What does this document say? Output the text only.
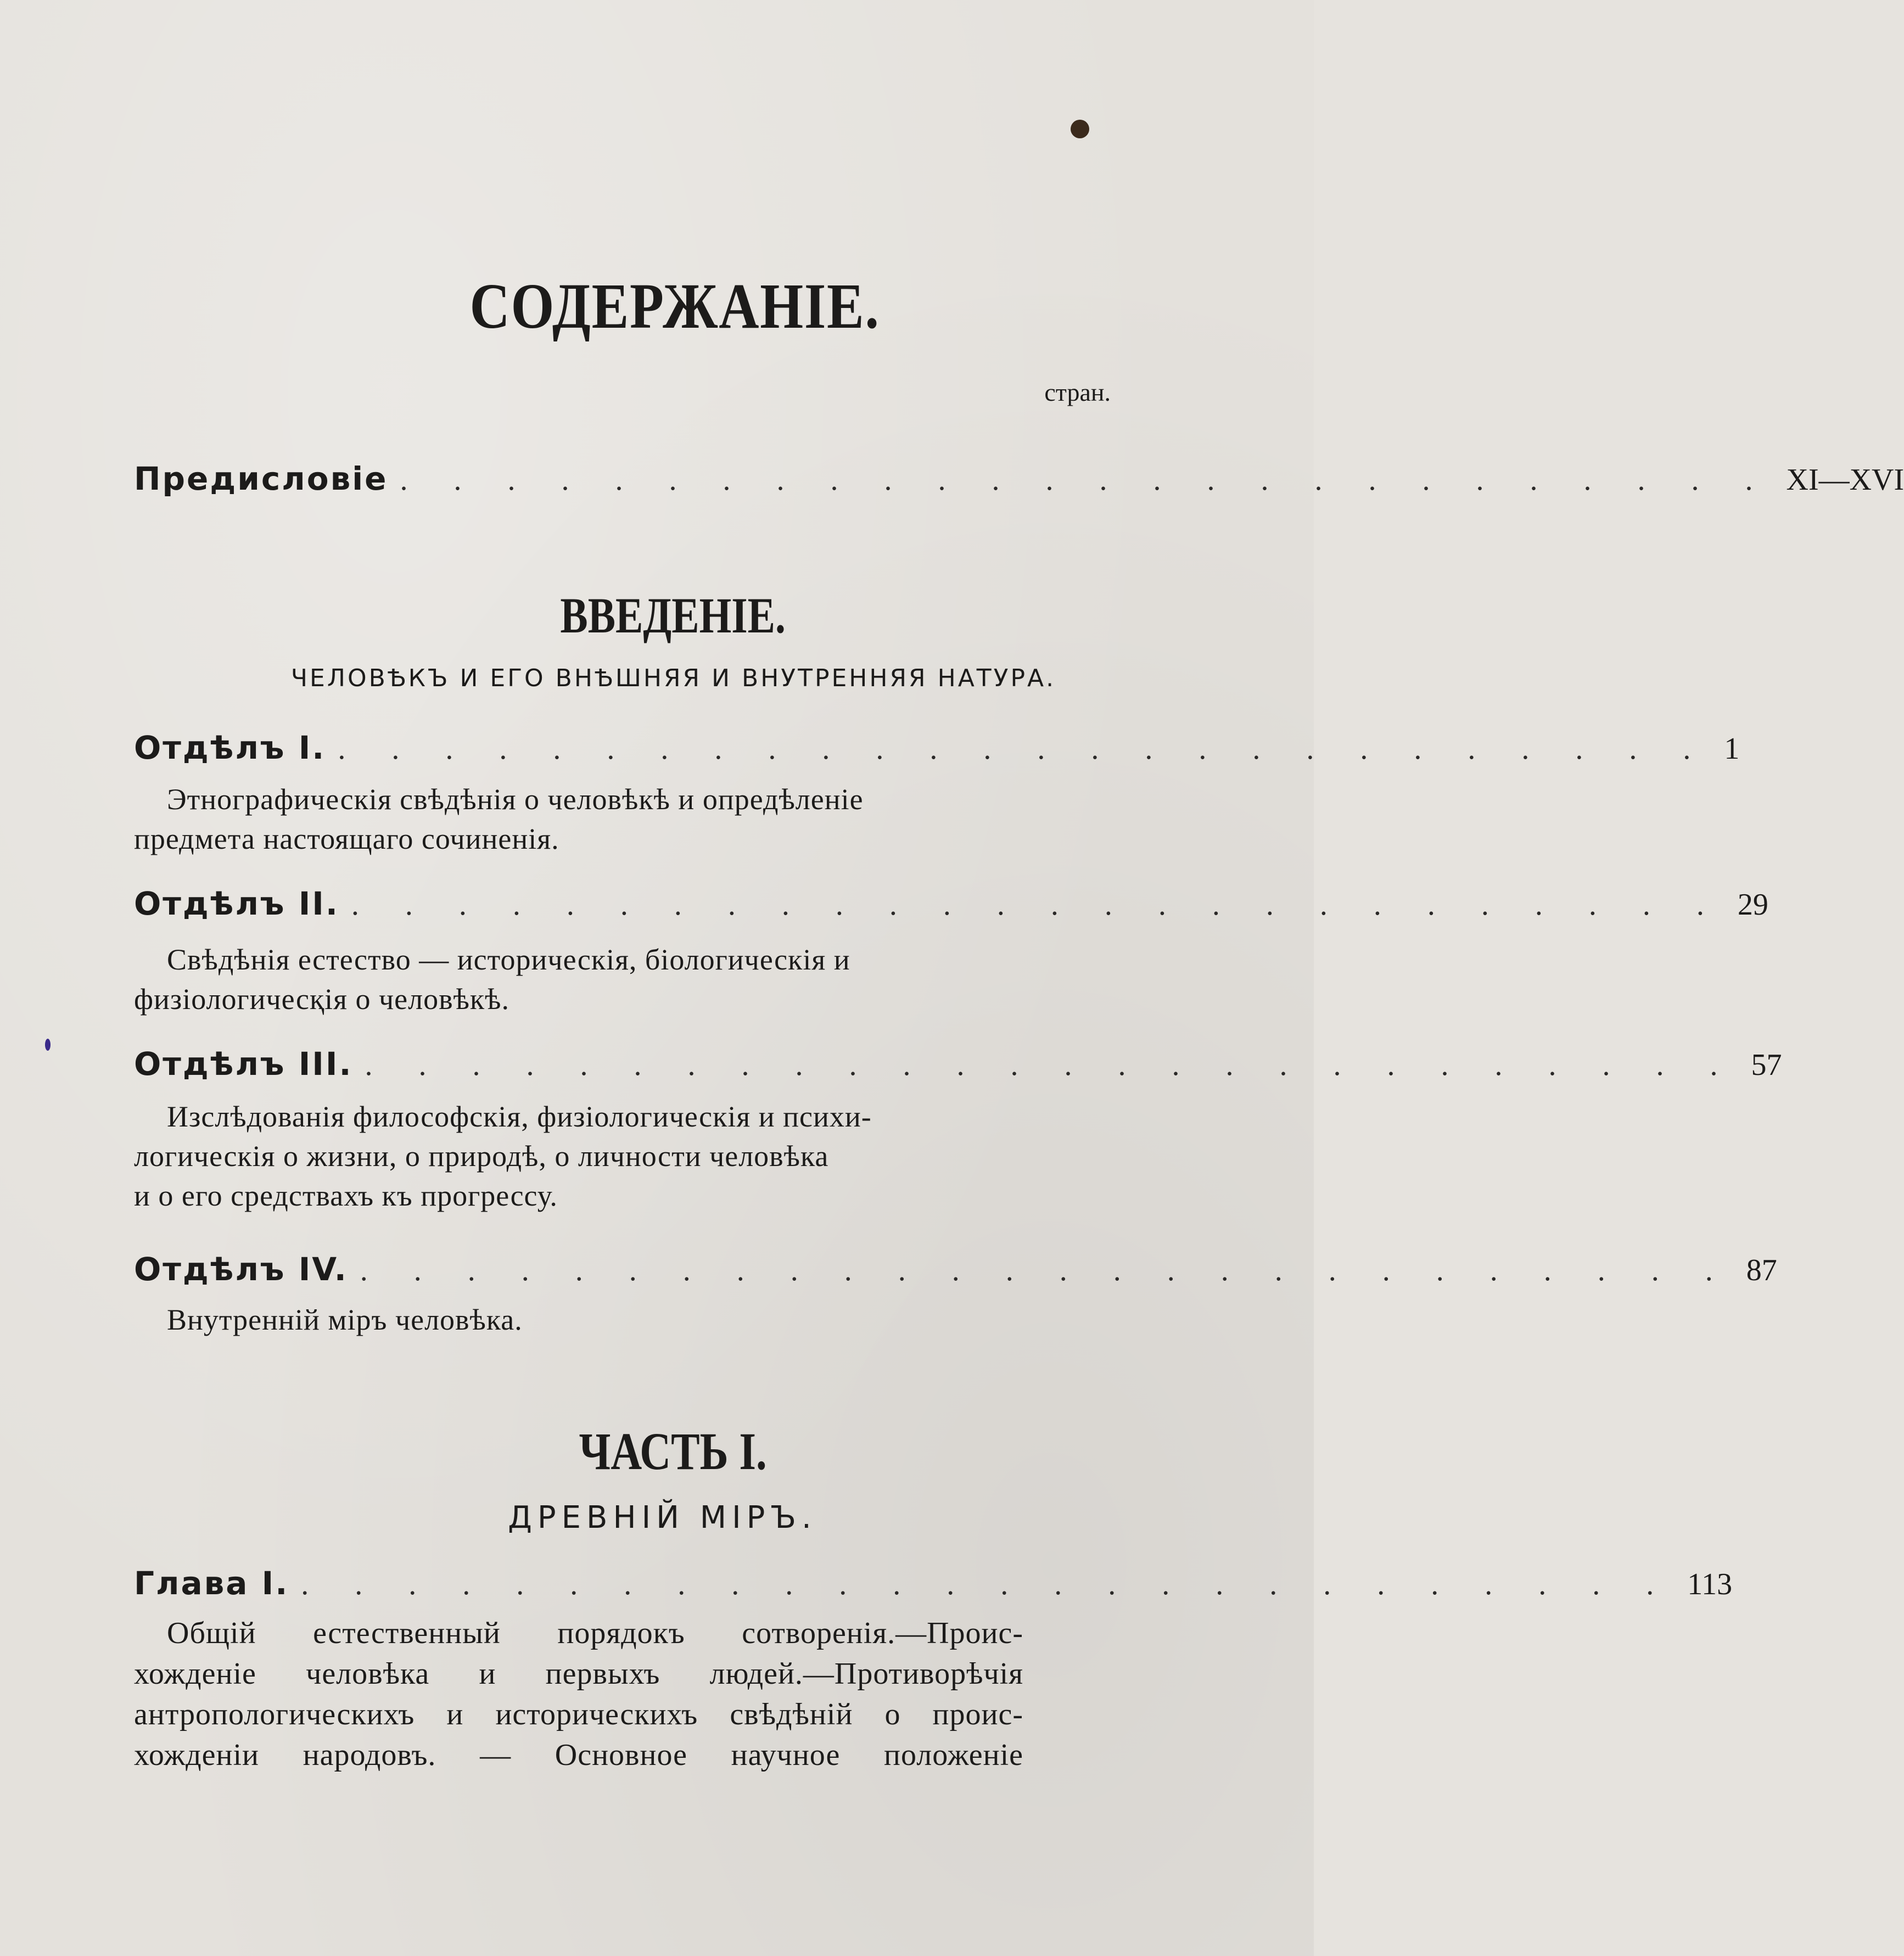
СОДЕРЖАНІЕ.
стран.
Предисловіе . . . . . . . . . . . . . . . . . . . . . . . . . . XI—XVI
ВВЕДЕНІЕ.
ЧЕЛОВѢКЪ И ЕГО ВНѢШНЯЯ И ВНУТРЕННЯЯ НАТУРА.
Отдѣлъ I. . . . . . . . . . . . . . . . . . . . . . . . . . . 1
Этнографическія свѣдѣнія о человѣкѣ и опредѣленіе
предмета настоящаго сочиненія.
Отдѣлъ II. . . . . . . . . . . . . . . . . . . . . . . . . . . 29
Свѣдѣнія естество — историческія, біологическія и
физіологичесқія о человѣкѣ.
Отдѣлъ III. . . . . . . . . . . . . . . . . . . . . . . . . . . 57
Изслѣдованія философскія, физіологическія и психи-
логическія о жизни, о природѣ, о личности человѣка
и о его средствахъ къ прогрессу.
Отдѣлъ IV. . . . . . . . . . . . . . . . . . . . . . . . . . . 87
Внутренній міръ человѣка.
ЧАСТЬ I.
ДРЕВНІЙ МІРЪ.
Глава I. . . . . . . . . . . . . . . . . . . . . . . . . . . 113
Общій естественный порядокъ сотворенія.—Проис-
хожденіе человѣка и первыхъ людей.—Противорѣчія
антропологическихъ и историческихъ свѣдѣній о проис-
хожденіи народовъ. — Основное научное положеніе
